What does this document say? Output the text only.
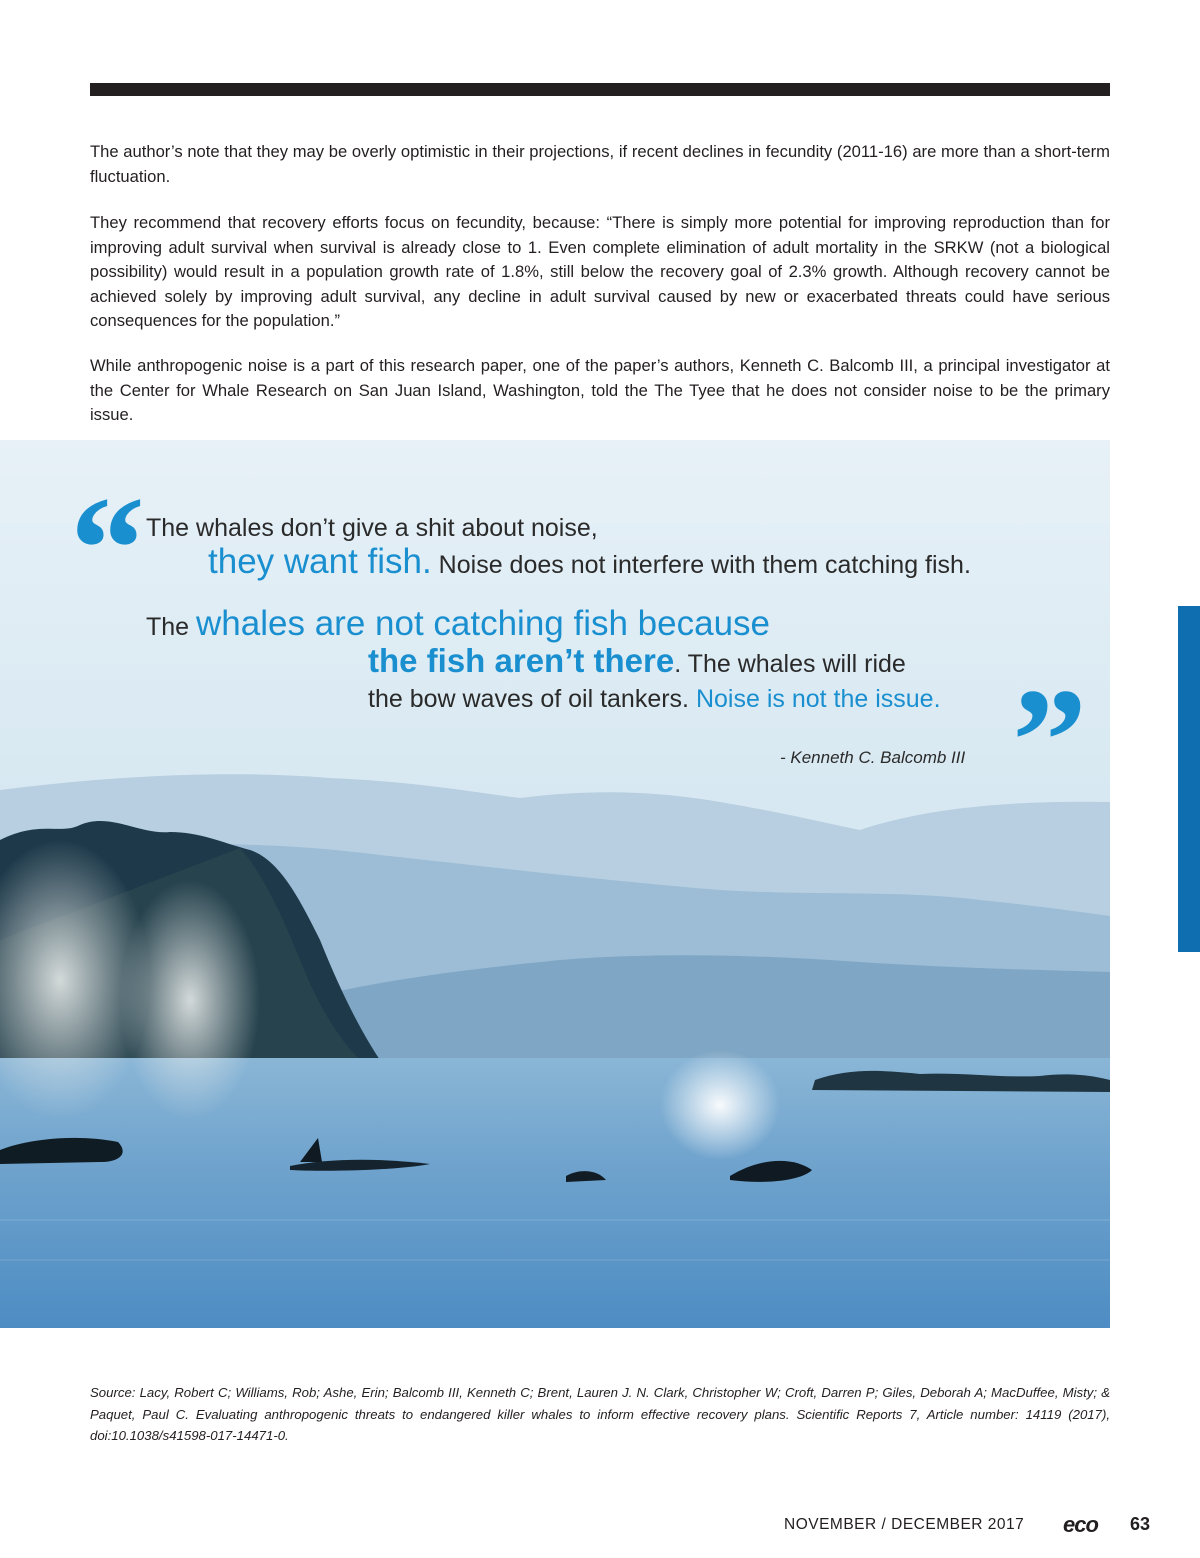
The author’s note that they may be overly optimistic in their projections, if recent declines in fecundity (2011-16) are more than a short-term fluctuation.

They recommend that recovery efforts focus on fecundity, because: “There is simply more potential for improving reproduction than for improving adult survival when survival is already close to 1. Even complete elimination of adult mortality in the SRKW (not a biological possibility) would result in a population growth rate of 1.8%, still below the recovery goal of 2.3% growth. Although recovery cannot be achieved solely by improving adult survival, any decline in adult survival caused by new or exacerbated threats could have serious consequences for the population.”

While anthropogenic noise is a part of this research paper, one of the paper’s authors, Kenneth C. Balcomb III, a principal investigator at the Center for Whale Research on San Juan Island, Washington, told the The Tyee that he does not consider noise to be the primary issue.

“ The whales don’t give a shit about noise,
they want fish. Noise does not interfere with them catching fish.
The whales are not catching fish because
the fish aren’t there. The whales will ride
the bow waves of oil tankers. Noise is not the issue. ”
- Kenneth C. Balcomb III

Source: Lacy, Robert C; Williams, Rob; Ashe, Erin; Balcomb III, Kenneth C; Brent, Lauren J. N. Clark, Christopher W; Croft, Darren P; Giles, Deborah A; MacDuffee, Misty; & Paquet, Paul C. Evaluating anthropogenic threats to endangered killer whales to inform effective recovery plans. Scientific Reports 7, Article number: 14119 (2017), doi:10.1038/s41598-017-14471-0.

NOVEMBER / DECEMBER 2017 eco 63
